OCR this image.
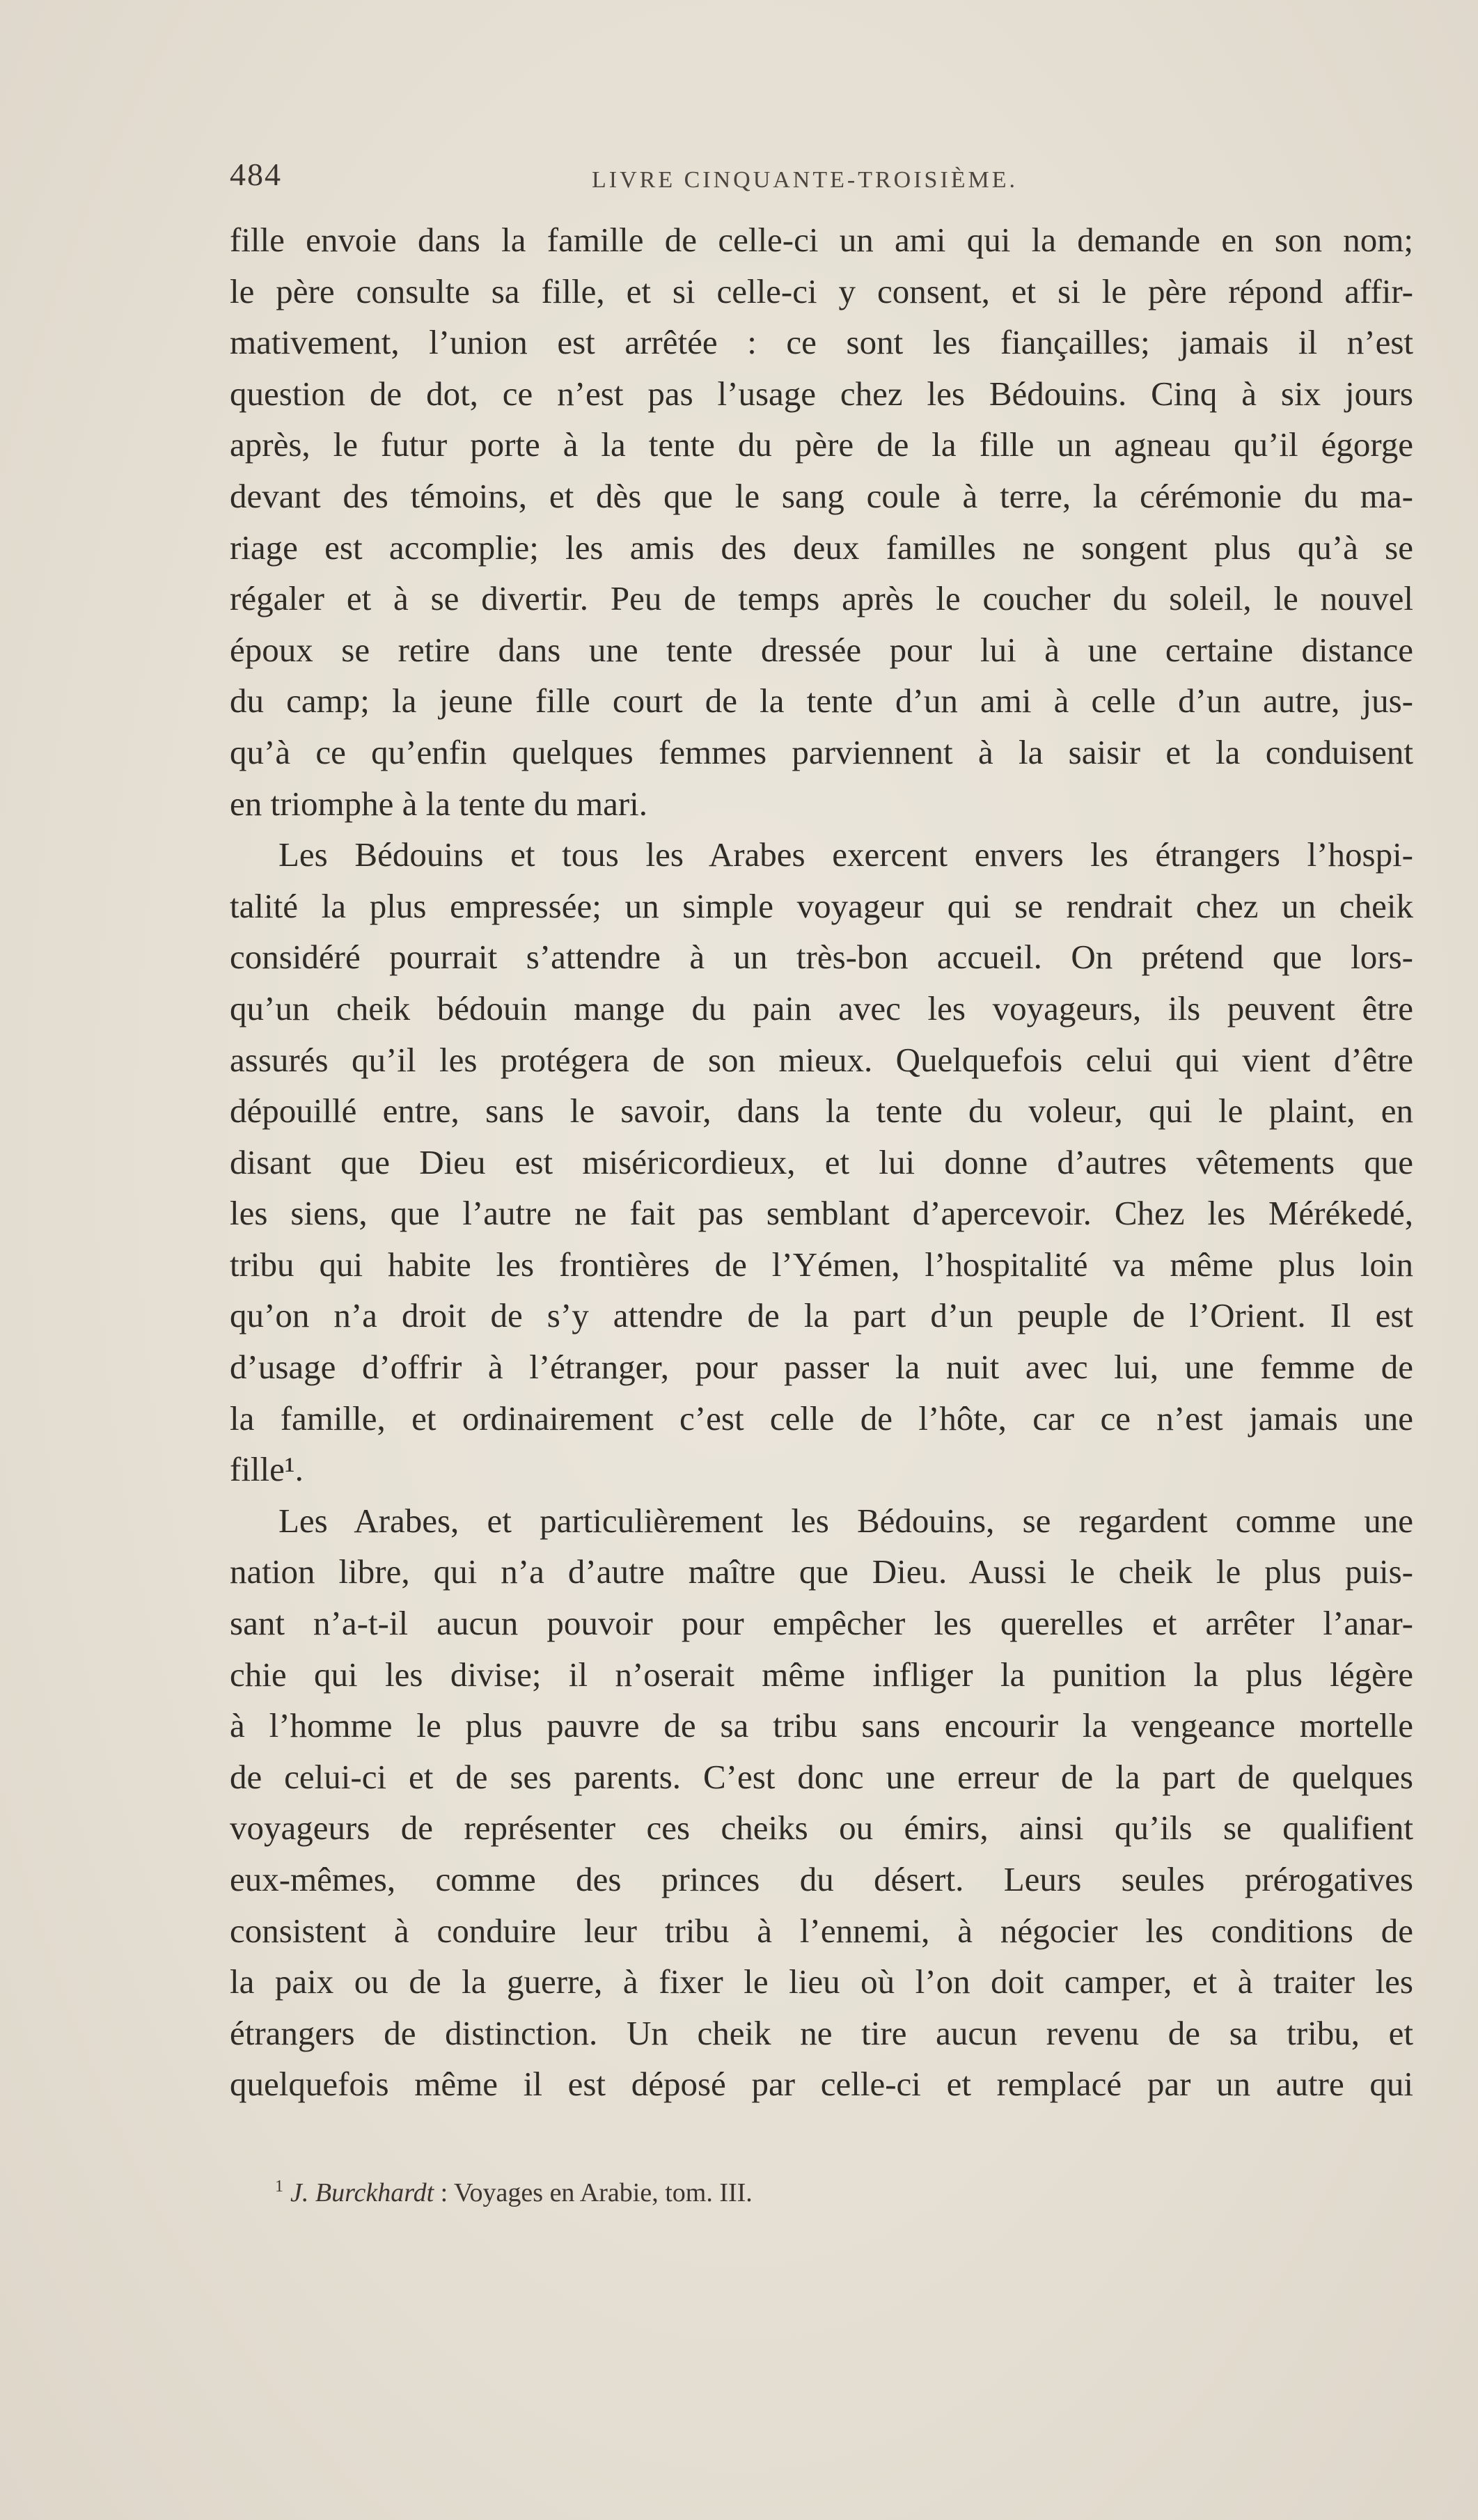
484	LIVRE CINQUANTE-TROISIÈME.
fille envoie dans la famille de celle-ci un ami qui la demande en son nom;
le père consulte sa fille, et si celle-ci y consent, et si le père répond affir-
mativement, l’union est arrêtée : ce sont les fiançailles; jamais il n’est
question de dot, ce n’est pas l’usage chez les Bédouins. Cinq à six jours
après, le futur porte à la tente du père de la fille un agneau qu’il égorge
devant des témoins, et dès que le sang coule à terre, la cérémonie du ma-
riage est accomplie; les amis des deux familles ne songent plus qu’à se
régaler et à se divertir. Peu de temps après le coucher du soleil, le nouvel
époux se retire dans une tente dressée pour lui à une certaine distance
du camp; la jeune fille court de la tente d’un ami à celle d’un autre, jus-
qu’à ce qu’enfin quelques femmes parviennent à la saisir et la conduisent
en triomphe à la tente du mari.
Les Bédouins et tous les Arabes exercent envers les étrangers l’hospi-
talité la plus empressée; un simple voyageur qui se rendrait chez un cheik
considéré pourrait s’attendre à un très-bon accueil. On prétend que lors-
qu’un cheik bédouin mange du pain avec les voyageurs, ils peuvent être
assurés qu’il les protégera de son mieux. Quelquefois celui qui vient d’être
dépouillé entre, sans le savoir, dans la tente du voleur, qui le plaint, en
disant que Dieu est miséricordieux, et lui donne d’autres vêtements que
les siens, que l’autre ne fait pas semblant d’apercevoir. Chez les Mérékedé,
tribu qui habite les frontières de l’Yémen, l’hospitalité va même plus loin
qu’on n’a droit de s’y attendre de la part d’un peuple de l’Orient. Il est
d’usage d’offrir à l’étranger, pour passer la nuit avec lui, une femme de
la famille, et ordinairement c’est celle de l’hôte, car ce n’est jamais une
fille¹.
Les Arabes, et particulièrement les Bédouins, se regardent comme une
nation libre, qui n’a d’autre maître que Dieu. Aussi le cheik le plus puis-
sant n’a-t-il aucun pouvoir pour empêcher les querelles et arrêter l’anar-
chie qui les divise; il n’oserait même infliger la punition la plus légère
à l’homme le plus pauvre de sa tribu sans encourir la vengeance mortelle
de celui-ci et de ses parents. C’est donc une erreur de la part de quelques
voyageurs de représenter ces cheiks ou émirs, ainsi qu’ils se qualifient
eux-mêmes, comme des princes du désert. Leurs seules prérogatives
consistent à conduire leur tribu à l’ennemi, à négocier les conditions de
la paix ou de la guerre, à fixer le lieu où l’on doit camper, et à traiter les
étrangers de distinction. Un cheik ne tire aucun revenu de sa tribu, et
quelquefois même il est déposé par celle-ci et remplacé par un autre qui
$^1$ J. Burckhardt : Voyages en Arabie, tom. III.
